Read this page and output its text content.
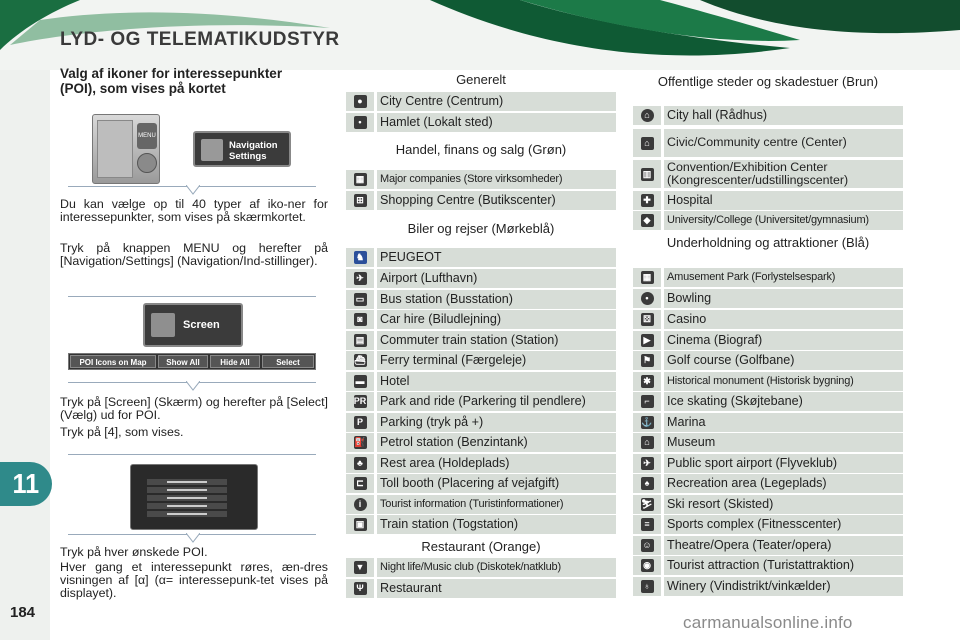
LYD- OG TELEMATIKUDSTYR
11
184
Valg af ikoner for interessepunkter (POI), som vises på kortet
MENU
Navigation Settings
Du kan vælge op til 40 typer af iko-ner for interessepunkter, som vises på skærmkortet.
Tryk på knappen MENU og herefter på [Navigation/Settings] (Navigation/Ind-stillinger).
Screen
POI Icons on Map	Show All	Hide All	Select
Tryk på [Screen] (Skærm) og herefter på [Select] (Vælg) ud for POI.
Tryk på [4], som vises.
Tryk på hver ønskede POI.
Hver gang et interessepunkt røres, æn-dres visningen af [α] (α= interessepunk-tet vises på displayet).
Generelt
●	City Centre (Centrum)
•	Hamlet (Lokalt sted)
Handel, finans og salg (Grøn)
▦ Major companies (Store virksomheder)
⊞ Shopping Centre (Butikscenter)
Biler og rejser (Mørkeblå)
♞ PEUGEOT
✈ Airport (Lufthavn)
▭ Bus station (Busstation)
◙	Car hire (Biludlejning)
▤ Commuter train station (Station)
⛴ Ferry terminal (Færgeleje)
▬ Hotel
PR Park and ride (Parkering til pendlere)
P Parking (tryk på +)
⛽ Petrol station (Benzintank)
♣ Rest area (Holdeplads)
⊏ Toll booth (Placering af vejafgift)
i	Tourist information (Turistinformationer)
▣ Train station (Togstation)
Restaurant (Orange)
▼ Night life/Music club (Diskotek/natklub)
Ψ Restaurant
Offentlige steder og skadestuer (Brun)
⌂	City hall (Rådhus)
⌂	Civic/Community centre (Center)
▥ Convention/Exhibition Center (Kongrescenter/udstillingscenter)
✚ Hospital
◆ University/College (Universitet/gymnasium)
Underholdning og attraktioner (Blå)
▦ Amusement Park (Forlystelsespark)
•	Bowling
⚄ Casino
▶ Cinema (Biograf)
⚑ Golf course (Golfbane)
✱ Historical monument (Historisk bygning)
⌐	Ice skating (Skøjtebane)
⚓ Marina
⌂	Museum
✈ Public sport airport (Flyveklub)
♠	Recreation area (Legeplads)
⛷ Ski resort (Skisted)
≡	Sports complex (Fitnesscenter)
☺ Theatre/Opera (Teater/opera)
◉ Tourist attraction (Turistattraktion)
♁ Winery (Vindistrikt/vinkælder)
carmanualsonline.info
